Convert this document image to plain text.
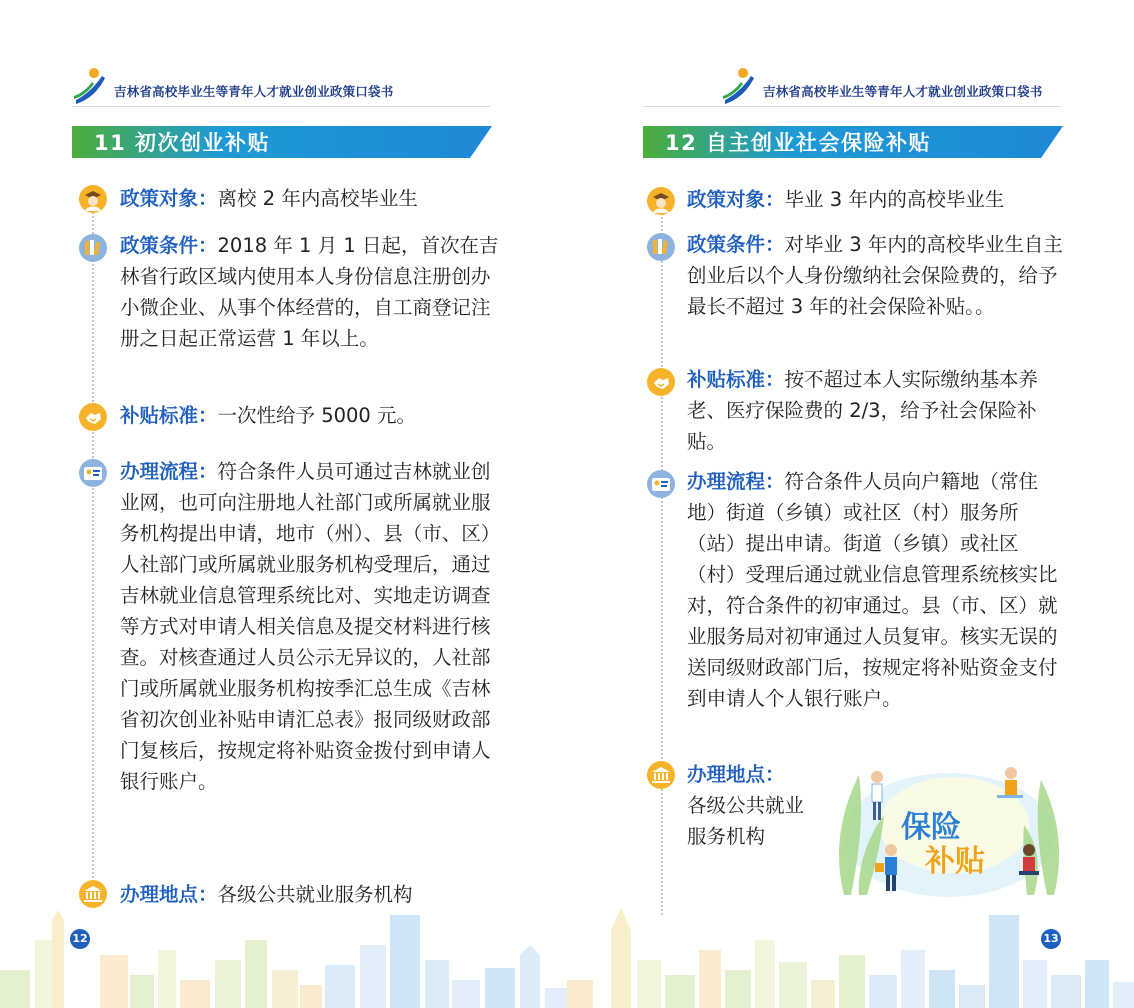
吉林省高校毕业生等青年人才就业创业政策口袋书
11 初次创业补贴
政策对象：离校 2 年内高校毕业生
政策条件：2018 年 1 月 1 日起，首次在吉林省行政区域内使用本人身份信息注册创办小微企业、从事个体经营的，自工商登记注册之日起正常运营 1 年以上。
补贴标准：一次性给予 5000 元。
办理流程：符合条件人员可通过吉林就业创业网，也可向注册地人社部门或所属就业服务机构提出申请，地市（州）、县（市、区）人社部门或所属就业服务机构受理后，通过吉林就业信息管理系统比对、实地走访调查等方式对申请人相关信息及提交材料进行核查。对核查通过人员公示无异议的，人社部门或所属就业服务机构按季汇总生成《吉林省初次创业补贴申请汇总表》报同级财政部门复核后，按规定将补贴资金拨付到申请人银行账户。
办理地点：各级公共就业服务机构
12
吉林省高校毕业生等青年人才就业创业政策口袋书
12 自主创业社会保险补贴
政策对象：毕业 3 年内的高校毕业生
政策条件：对毕业 3 年内的高校毕业生自主创业后以个人身份缴纳社会保险费的，给予最长不超过 3 年的社会保险补贴。。
补贴标准：按不超过本人实际缴纳基本养老、医疗保险费的 2/3，给予社会保险补贴。
办理流程：符合条件人员向户籍地（常住地）街道（乡镇）或社区（村）服务所（站）提出申请。街道（乡镇）或社区（村）受理后通过就业信息管理系统核实比对，符合条件的初审通过。县（市、区）就业服务局对初审通过人员复审。核实无误的送同级财政部门后，按规定将补贴资金支付到申请人个人银行账户。
办理地点：
各级公共就业服务机构	保险
补贴
13
